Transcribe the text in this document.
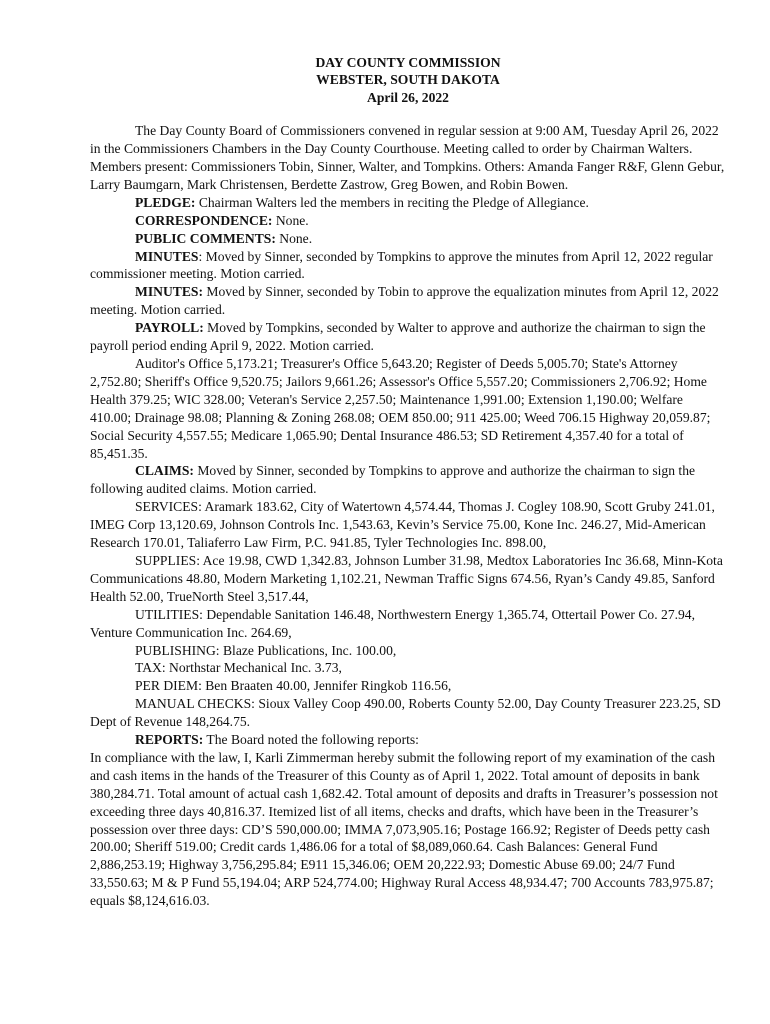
DAY COUNTY COMMISSION
WEBSTER, SOUTH DAKOTA
April 26, 2022

The Day County Board of Commissioners convened in regular session at 9:00 AM, Tuesday April 26, 2022 in the Commissioners Chambers in the Day County Courthouse. Meeting called to order by Chairman Walters. Members present: Commissioners Tobin, Sinner, Walter, and Tompkins. Others: Amanda Fanger R&F, Glenn Gebur, Larry Baumgarn, Mark Christensen, Berdette Zastrow, Greg Bowen, and Robin Bowen.

PLEDGE: Chairman Walters led the members in reciting the Pledge of Allegiance.

CORRESPONDENCE: None.

PUBLIC COMMENTS: None.

MINUTES: Moved by Sinner, seconded by Tompkins to approve the minutes from April 12, 2022 regular commissioner meeting. Motion carried.

MINUTES: Moved by Sinner, seconded by Tobin to approve the equalization minutes from April 12, 2022 meeting. Motion carried.

PAYROLL: Moved by Tompkins, seconded by Walter to approve and authorize the chairman to sign the payroll period ending April 9, 2022. Motion carried.

Auditor's Office 5,173.21; Treasurer's Office 5,643.20; Register of Deeds 5,005.70; State's Attorney 2,752.80; Sheriff's Office 9,520.75; Jailors 9,661.26; Assessor's Office 5,557.20; Commissioners 2,706.92; Home Health 379.25; WIC 328.00; Veteran's Service 2,257.50; Maintenance 1,991.00; Extension 1,190.00; Welfare 410.00; Drainage 98.08; Planning & Zoning 268.08; OEM 850.00; 911 425.00; Weed 706.15 Highway 20,059.87; Social Security 4,557.55; Medicare 1,065.90; Dental Insurance 486.53; SD Retirement 4,357.40 for a total of 85,451.35.

CLAIMS: Moved by Sinner, seconded by Tompkins to approve and authorize the chairman to sign the following audited claims. Motion carried.

SERVICES: Aramark 183.62, City of Watertown 4,574.44, Thomas J. Cogley 108.90, Scott Gruby 241.01, IMEG Corp 13,120.69, Johnson Controls Inc. 1,543.63, Kevin’s Service 75.00, Kone Inc. 246.27, Mid-American Research 170.01, Taliaferro Law Firm, P.C. 941.85, Tyler Technologies Inc. 898.00,

SUPPLIES: Ace 19.98, CWD 1,342.83, Johnson Lumber 31.98, Medtox Laboratories Inc 36.68, Minn-Kota Communications 48.80, Modern Marketing 1,102.21, Newman Traffic Signs 674.56, Ryan’s Candy 49.85, Sanford Health 52.00, TrueNorth Steel 3,517.44,

UTILITIES: Dependable Sanitation 146.48, Northwestern Energy 1,365.74, Ottertail Power Co. 27.94, Venture Communication Inc. 264.69,

PUBLISHING: Blaze Publications, Inc. 100.00,

TAX: Northstar Mechanical Inc. 3.73,

PER DIEM: Ben Braaten 40.00, Jennifer Ringkob 116.56,

MANUAL CHECKS: Sioux Valley Coop 490.00, Roberts County 52.00, Day County Treasurer 223.25, SD Dept of Revenue 148,264.75.

REPORTS: The Board noted the following reports:

In compliance with the law, I, Karli Zimmerman hereby submit the following report of my examination of the cash and cash items in the hands of the Treasurer of this County as of April 1, 2022. Total amount of deposits in bank 380,284.71. Total amount of actual cash 1,682.42. Total amount of deposits and drafts in Treasurer’s possession not exceeding three days 40,816.37. Itemized list of all items, checks and drafts, which have been in the Treasurer’s possession over three days: CD’S 590,000.00; IMMA 7,073,905.16; Postage 166.92; Register of Deeds petty cash 200.00; Sheriff 519.00; Credit cards 1,486.06 for a total of $8,089,060.64. Cash Balances: General Fund 2,886,253.19; Highway 3,756,295.84; E911 15,346.06; OEM 20,222.93; Domestic Abuse 69.00; 24/7 Fund 33,550.63; M & P Fund 55,194.04; ARP 524,774.00; Highway Rural Access 48,934.47; 700 Accounts 783,975.87; equals $8,124,616.03.
